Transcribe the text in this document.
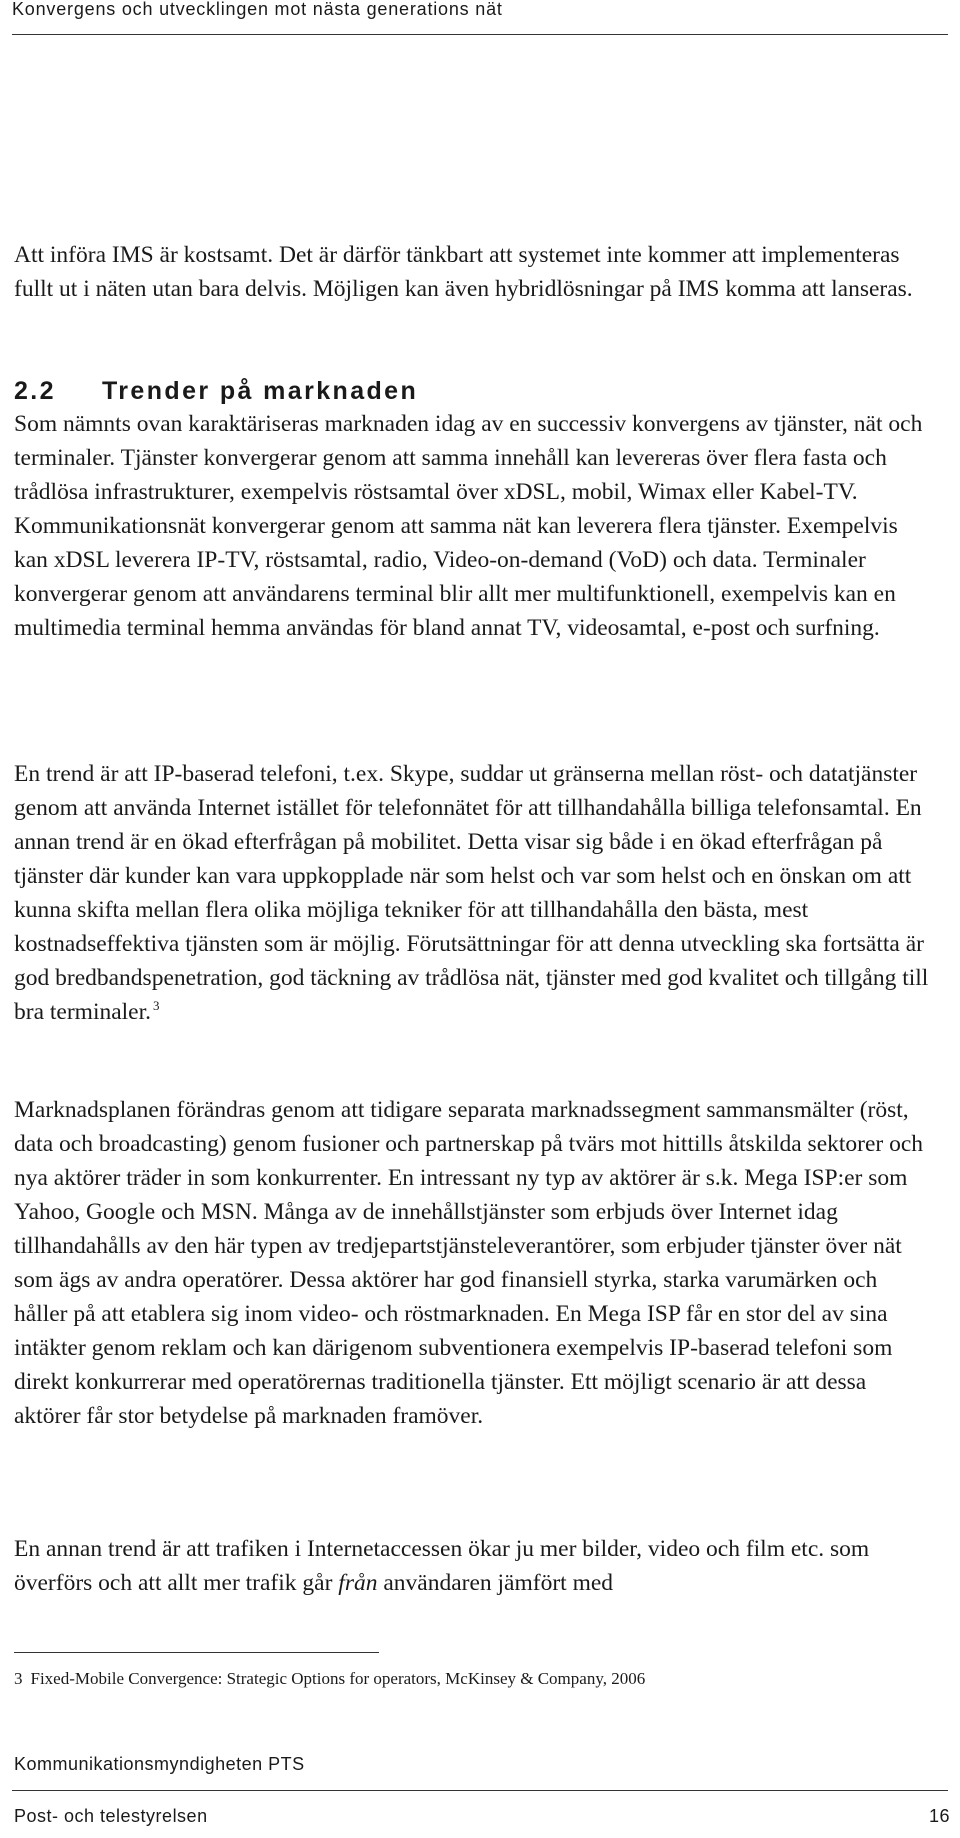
Konvergens och utvecklingen mot nästa generations nät

Att införa IMS är kostsamt. Det är därför tänkbart att systemet inte kommer att implementeras fullt ut i näten utan bara delvis. Möjligen kan även hybridlösningar på IMS komma att lanseras.

2.2 Trender på marknaden

Som nämnts ovan karaktäriseras marknaden idag av en successiv konvergens av tjänster, nät och terminaler. Tjänster konvergerar genom att samma innehåll kan levereras över flera fasta och trådlösa infrastrukturer, exempelvis röstsamtal över xDSL, mobil, Wimax eller Kabel-TV. Kommunikationsnät konvergerar genom att samma nät kan leverera flera tjänster. Exempelvis kan xDSL leverera IP-TV, röstsamtal, radio, Video-on-demand (VoD) och data. Terminaler konvergerar genom att användarens terminal blir allt mer multifunktionell, exempelvis kan en multimedia terminal hemma användas för bland annat TV, videosamtal, e-post och surfning.

En trend är att IP-baserad telefoni, t.ex. Skype, suddar ut gränserna mellan röst- och datatjänster genom att använda Internet istället för telefonnätet för att tillhandahålla billiga telefonsamtal. En annan trend är en ökad efterfrågan på mobilitet. Detta visar sig både i en ökad efterfrågan på tjänster där kunder kan vara uppkopplade när som helst och var som helst och en önskan om att kunna skifta mellan flera olika möjliga tekniker för att tillhandahålla den bästa, mest kostnadseffektiva tjänsten som är möjlig. Förutsättningar för att denna utveckling ska fortsätta är god bredbandspenetration, god täckning av trådlösa nät, tjänster med god kvalitet och tillgång till bra terminaler. $^3$

Marknadsplanen förändras genom att tidigare separata marknadssegment sammansmälter (röst, data och broadcasting) genom fusioner och partnerskap på tvärs mot hittills åtskilda sektorer och nya aktörer träder in som konkurrenter. En intressant ny typ av aktörer är s.k. Mega ISP:er som Yahoo, Google och MSN. Många av de innehållstjänster som erbjuds över Internet idag tillhandahålls av den här typen av tredjepartstjänsteleverantörer, som erbjuder tjänster över nät som ägs av andra operatörer. Dessa aktörer har god finansiell styrka, starka varumärken och håller på att etablera sig inom video- och röstmarknaden. En Mega ISP får en stor del av sina intäkter genom reklam och kan därigenom subventionera exempelvis IP-baserad telefoni som direkt konkurrerar med operatörernas traditionella tjänster. Ett möjligt scenario är att dessa aktörer får stor betydelse på marknaden framöver.

En annan trend är att trafiken i Internetaccessen ökar ju mer bilder, video och film etc. som överförs och att allt mer trafik går från användaren jämfört med

3 Fixed-Mobile Convergence: Strategic Options for operators, McKinsey & Company, 2006

Kommunikationsmyndigheten PTS

Post- och telestyrelsen	16
